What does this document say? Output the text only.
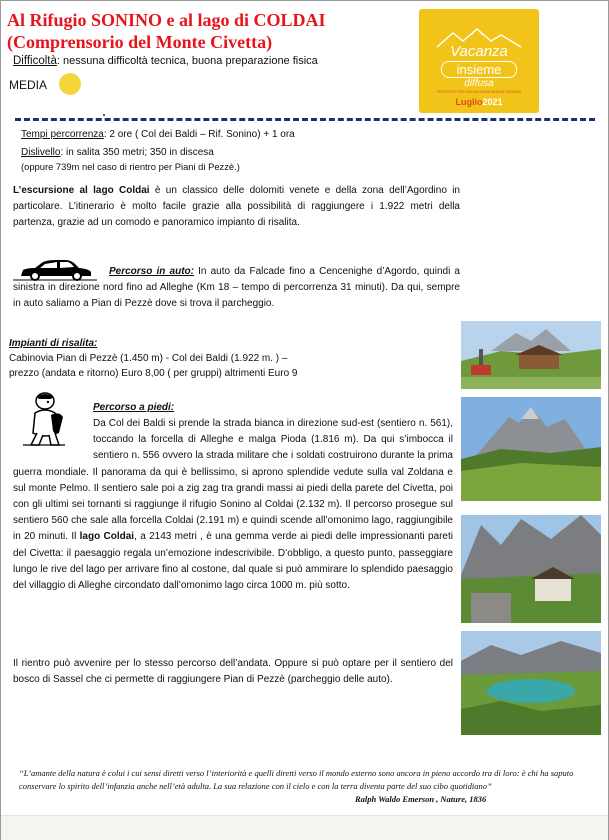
Al Rifugio SONINO e al lago di COLDAI
(Comprensorio del Monte Civetta)
Difficoltà: nessuna difficoltà tecnica, buona preparazione fisica
MEDIA
Vacanza
insieme
diffusa
PROPOSTE PER UNA VACANZA INSIEME DIFFUSA
Luglio2021
Tempi percorrenza: 2 ore ( Col dei Baldi – Rif. Sonino) + 1 ora
Dislivello: in salita 350 metri; 350 in discesa
(oppure 739m nel caso di rientro per Piani di Pezzè.)
L’escursione al lago Coldai è un classico delle dolomiti venete e della zona dell’Agordino in particolare. L’itinerario è molto facile grazie alla possibilità di raggiungere i 1.922 metri della partenza, grazie ad un comodo e panoramico impianto di risalita.
Percorso in auto: In auto da Falcade fino a Cencenighe d’Agordo, quindi a sinistra in direzione nord fino ad Alleghe (Km 18 – tempo di percorrenza 31 minuti). Da qui, sempre in auto saliamo a Pian di Pezzè dove si trova il parcheggio.
Impianti di risalita:
Cabinovia Pian di Pezzè (1.450 m) - Col dei Baldi (1.922 m. ) –
prezzo (andata e ritorno) Euro 8,00 ( per gruppi) altrimenti Euro 9
Percorso a piedi:
Da Col dei Baldi si prende la strada bianca in direzione sud-est (sentiero n. 561), toccando la forcella di Alleghe e malga Pioda (1.816 m). Da qui s’imbocca il sentiero n. 556 ovvero la strada militare che i soldati costruirono durante la prima guerra mondiale. Il panorama da qui è bellissimo, si aprono splendide vedute sulla val Zoldana e sul monte Pelmo. Il sentiero sale poi a zig zag tra grandi massi ai piedi della parete del Civetta, poi con gli ultimi sei tornanti si raggiunge il rifugio Sonino al Coldai (2.132 m). Il percorso prosegue sul sentiero 560 che sale alla forcella Coldai (2.191 m) e quindi scende all’omonimo lago, raggiungibile in 20 minuti. Il lago Coldai, a 2143 metri , è una gemma verde ai piedi delle impressionanti pareti del Civetta: il paesaggio regala un’emozione indescrivibile. D’obbligo, a questo punto, passeggiare lungo le rive del lago per arrivare fino al costone, dal quale si può ammirare lo splendido paesaggio del villaggio di Alleghe circondato dall’omonimo lago circa 1000 m. più sotto.
Il rientro può avvenire per lo stesso percorso dell’andata. Oppure si può optare per il sentiero del bosco di Sassel che ci permette di raggiungere Pian di Pezzè (parcheggio delle auto).
“L’amante della natura è colui i cui sensi diretti verso l’interiorità e quelli diretti verso il mondo esterno sono ancora in pieno accordo tra di loro: è chi ha saputo conservare lo spirito dell’infanzia anche nell’età adulta. La sua relazione con il cielo e con la terra diventa parte del suo cibo quotidiano”
Ralph Waldo Emerson , Nature, 1836
